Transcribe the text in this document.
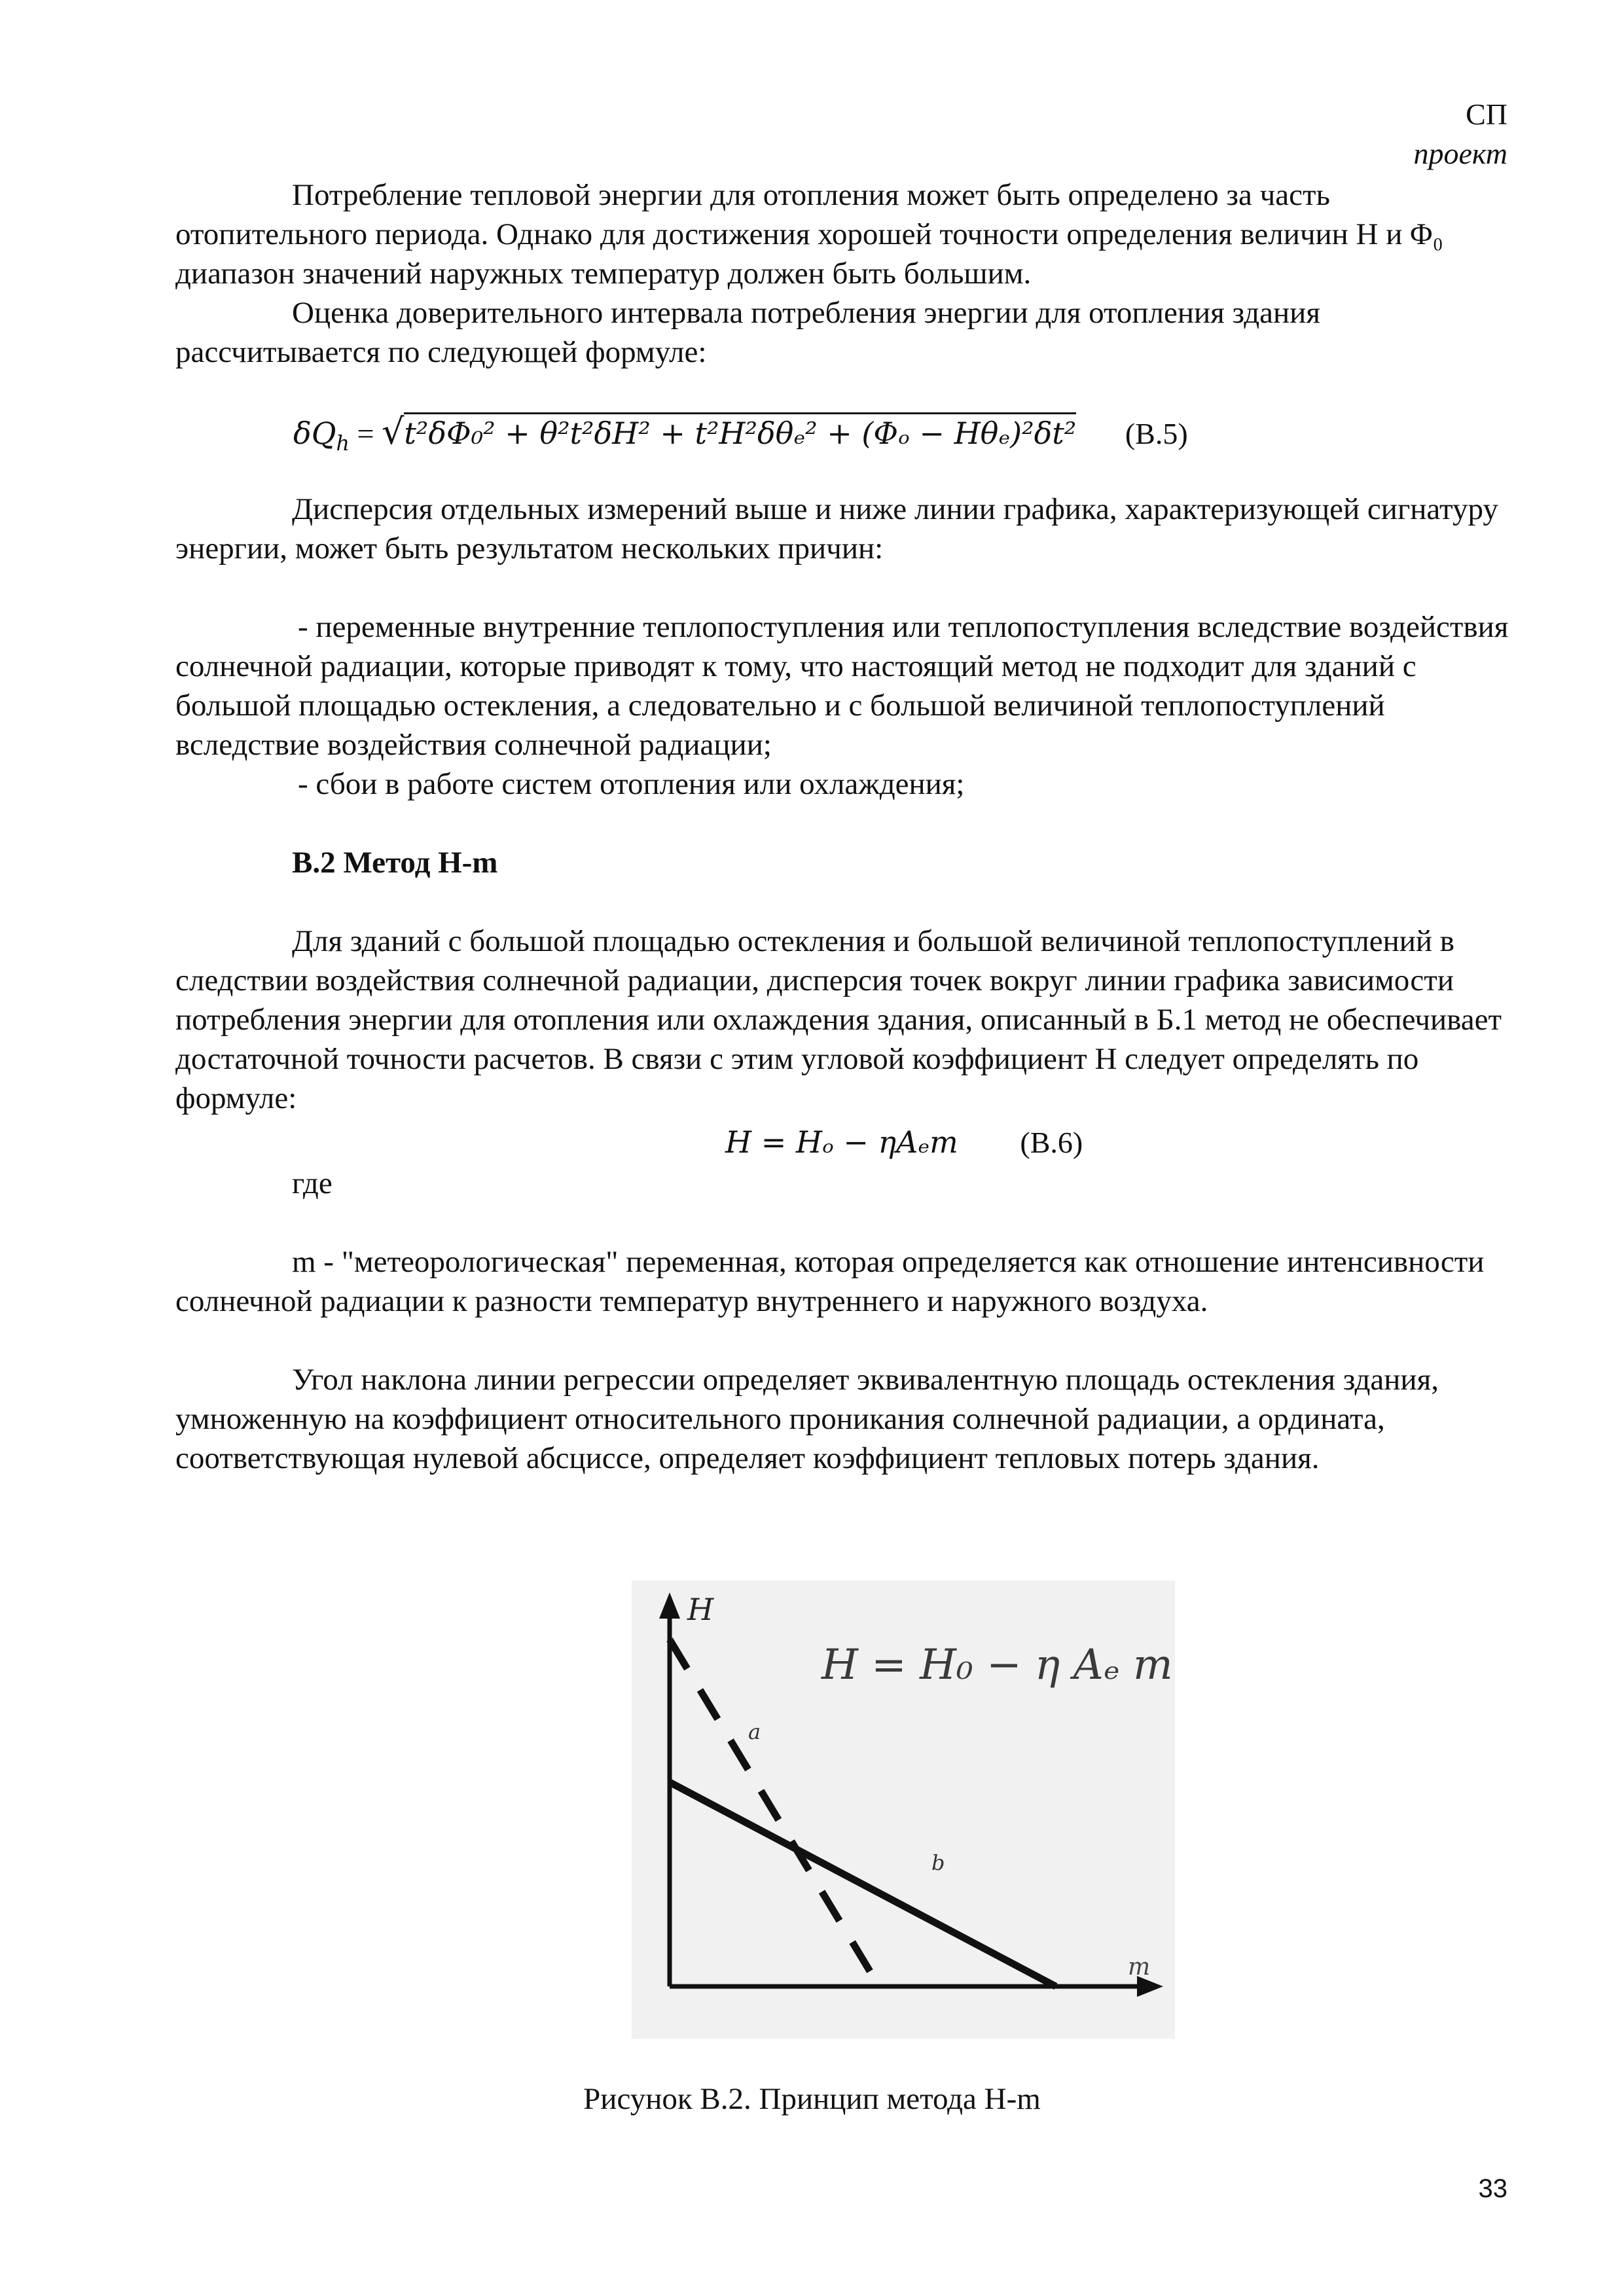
СП
проект

Потребление тепловой энергии для отопления может быть определено за часть отопительного периода. Однако для достижения хорошей точности определения величин H и Φ₀ диапазон значений наружных температур должен быть большим.

Оценка доверительного интервала потребления энергии для отопления здания рассчитывается по следующей формуле:

$\delta Q_h = √t^2\delta\Phi_0^2 + \theta^2t^2\delta H^2 + t^2H^2\delta\theta_e^2 + (\Phi_o - H\theta_e)^2\delta t^2$ (В.5)

Дисперсия отдельных измерений выше и ниже линии графика, характеризующей сигнатуру энергии, может быть результатом нескольких причин:

- переменные внутренние теплопоступления или теплопоступления вследствие воздействия солнечной радиации, которые приводят к тому, что настоящий метод не подходит для зданий с большой площадью остекления, а следовательно и с большой величиной теплопоступлений вследствие воздействия солнечной радиации;

- сбои в работе систем отопления или охлаждения;

В.2 Метод H-m

Для зданий с большой площадью остекления и большой величиной теплопоступлений в следствии воздействия солнечной радиации, дисперсия точек вокруг линии графика зависимости потребления энергии для отопления или охлаждения здания, описанный в Б.1 метод не обеспечивает достаточной точности расчетов. В связи с этим угловой коэффициент H следует определять по формуле:

H = Hₒ − ηAₑm (В.6)

где

m - "метеорологическая" переменная, которая определяется как отношение интенсивности солнечной радиации к разности температур внутреннего и наружного воздуха.

Угол наклона линии регрессии определяет эквивалентную площадь остекления здания, умноженную на коэффициент относительного проникания солнечной радиации, а ордината, соответствующая нулевой абсциссе, определяет коэффициент тепловых потерь здания.

H
m
H = H₀ − η Aₑ m
a
b
Рисунок В.2. Принцип метода H-m
33
